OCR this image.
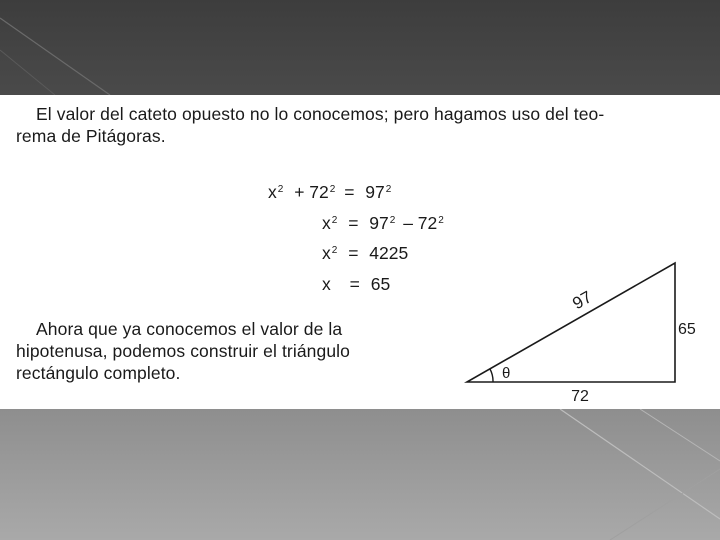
El valor del cateto opuesto no lo conocemos; pero hagamos uso del teo-
rema de Pitágoras.

$x^2 + 72^2 = 97^2$
$x^2 = 97^2 - 72^2$
$x^2 = 4225$
x = 65

Ahora que ya conocemos el valor de la
hipotenusa, podemos construir el triángulo
rectángulo completo.	θ
97
65
72
